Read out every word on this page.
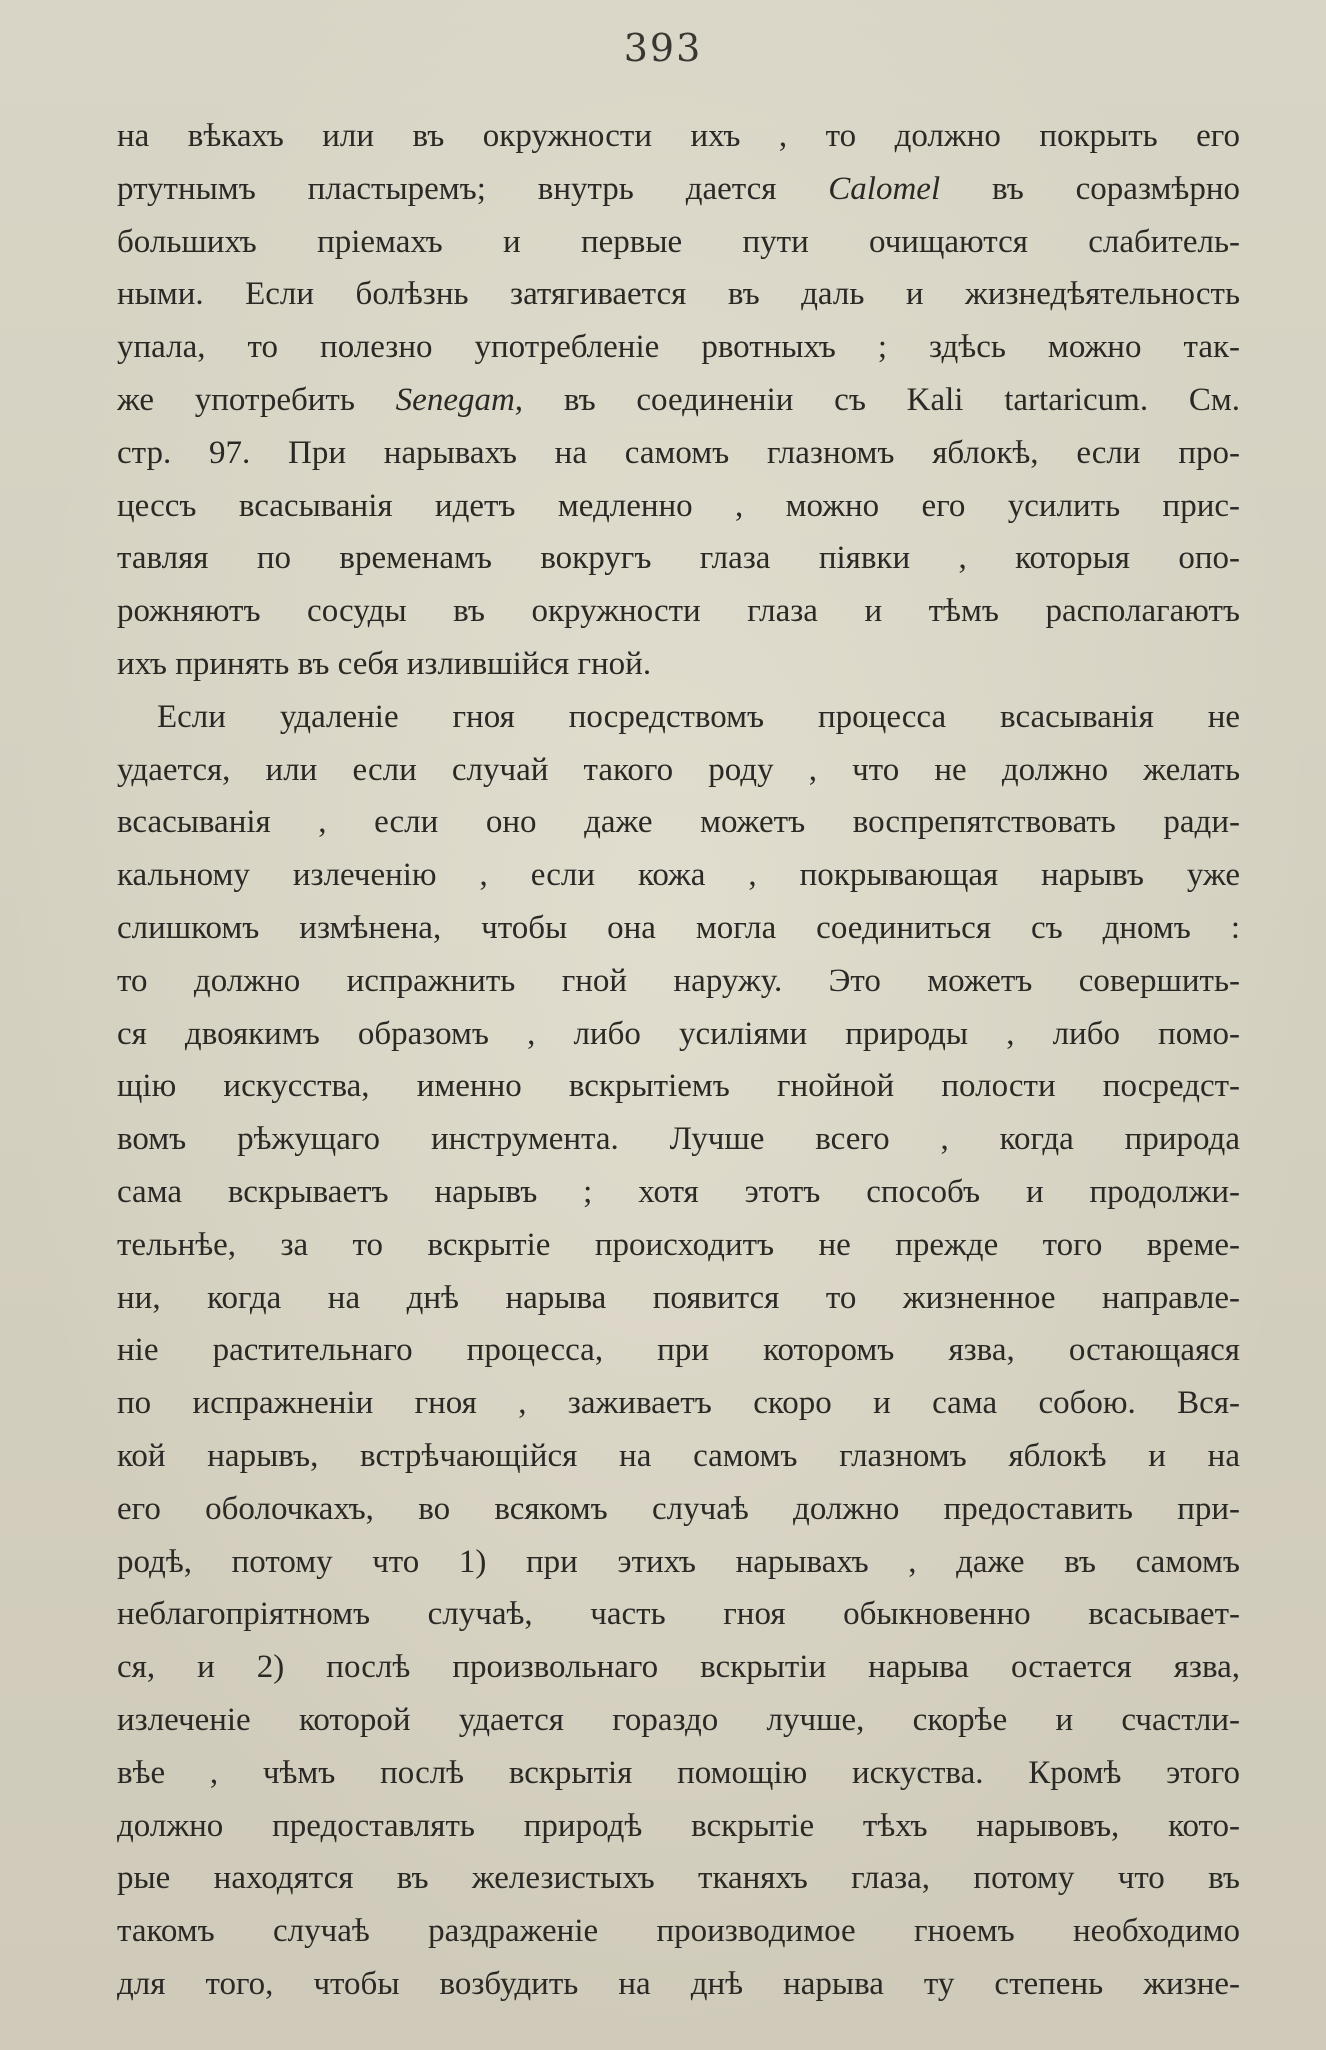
393
на вѣкахъ или въ окружности ихъ , то должно покрыть его
ртутнымъ пластыремъ; внутрь дается Calomel въ соразмѣрно
большихъ пріемахъ и первые пути очищаются слабитель-
ными. Если болѣзнь затягивается въ даль и жизнедѣятельность
упала, то полезно употребленіе рвотныхъ ; здѣсь можно так-
же употребить Senegam, въ соединеніи съ Kali tartaricum. См.
стр. 97. При нарывахъ на самомъ глазномъ яблокѣ, если про-
цессъ всасыванія идетъ медленно , можно его усилить прис-
тавляя по временамъ вокругъ глаза піявки , которыя опо-
рожняютъ сосуды въ окружности глаза и тѣмъ располагаютъ
ихъ принять въ себя излившійся гной.
Если удаленіе гноя посредствомъ процесса всасыванія не
удается, или если случай такого роду , что не должно желать
всасыванія , если оно даже можетъ воспрепятствовать ради-
кальному излеченію , если кожа , покрывающая нарывъ уже
слишкомъ измѣнена, чтобы она могла соединиться съ дномъ :
то должно испражнить гной наружу. Это можетъ совершить-
ся двоякимъ образомъ , либо усиліями природы , либо помо-
щію искусства, именно вскрытіемъ гнойной полости посредст-
вомъ рѣжущаго инструмента. Лучше всего , когда природа
сама вскрываетъ нарывъ ; хотя этотъ способъ и продолжи-
тельнѣе, за то вскрытіе происходитъ не прежде того време-
ни, когда на днѣ нарыва появится то жизненное направле-
ніе растительнаго процесса, при которомъ язва, остающаяся
по испражненіи гноя , заживаетъ скоро и сама собою. Вся-
кой нарывъ, встрѣчающійся на самомъ глазномъ яблокѣ и на
его оболочкахъ, во всякомъ случаѣ должно предоставить при-
родѣ, потому что 1) при этихъ нарывахъ , даже въ самомъ
неблагопріятномъ случаѣ, часть гноя обыкновенно всасывает-
ся, и 2) послѣ произвольнаго вскрытіи нарыва остается язва,
излеченіе которой удается гораздо лучше, скорѣе и счастли-
вѣе , чѣмъ послѣ вскрытія помощію искуства. Кромѣ этого
должно предоставлять природѣ вскрытіе тѣхъ нарывовъ, кото-
рые находятся въ железистыхъ тканяхъ глаза, потому что въ
такомъ случаѣ раздраженіе производимое гноемъ необходимо
для того, чтобы возбудить на днѣ нарыва ту степень жизне-
